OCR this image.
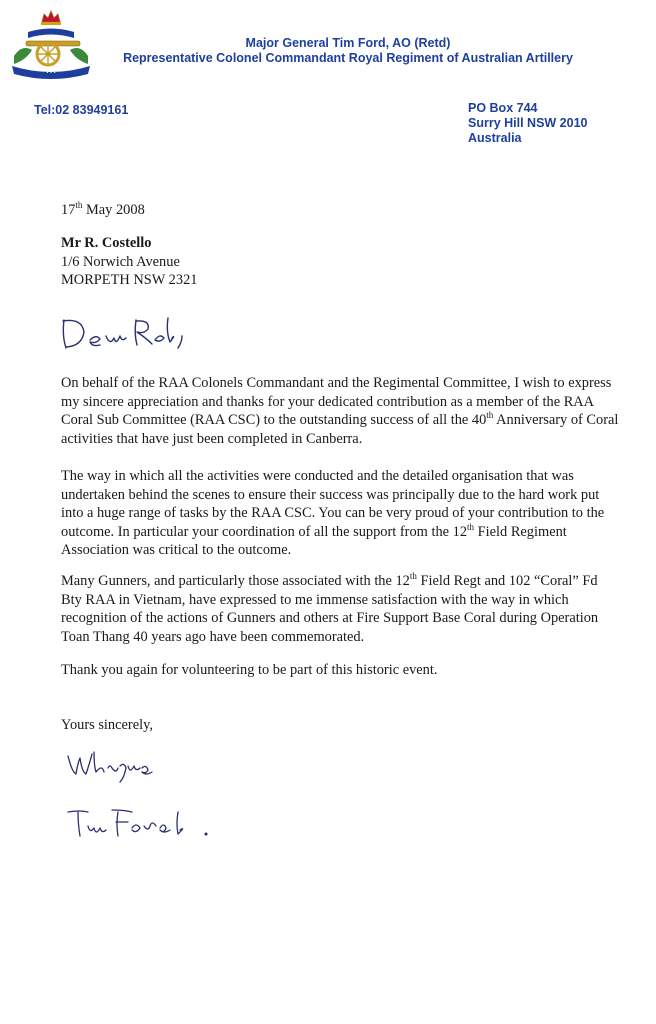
• • •
Major General Tim Ford, AO (Retd)
Representative Colonel Commandant Royal Regiment of Australian Artillery
Tel:02 83949161	PO Box 744
Surry Hill NSW 2010
Australia
17th May 2008
Mr R. Costello
1/6 Norwich Avenue
MORPETH NSW 2321
On behalf of the RAA Colonels Commandant and the Regimental Committee, I wish to express my sincere appreciation and thanks for your dedicated contribution as a member of the RAA Coral Sub Committee (RAA CSC) to the outstanding success of all the 40th Anniversary of Coral activities that have just been completed in Canberra.
The way in which all the activities were conducted and the detailed organisation that was undertaken behind the scenes to ensure their success was principally due to the hard work put into a huge range of tasks by the RAA CSC. You can be very proud of your contribution to the outcome. In particular your coordination of all the support from the 12th Field Regiment Association was critical to the outcome.
Many Gunners, and particularly those associated with the 12th Field Regt and 102 “Coral” Fd Bty RAA in Vietnam, have expressed to me immense satisfaction with the way in which recognition of the actions of Gunners and others at Fire Support Base Coral during Operation Toan Thang 40 years ago have been commemorated.
Thank you again for volunteering to be part of this historic event.
Yours sincerely,
